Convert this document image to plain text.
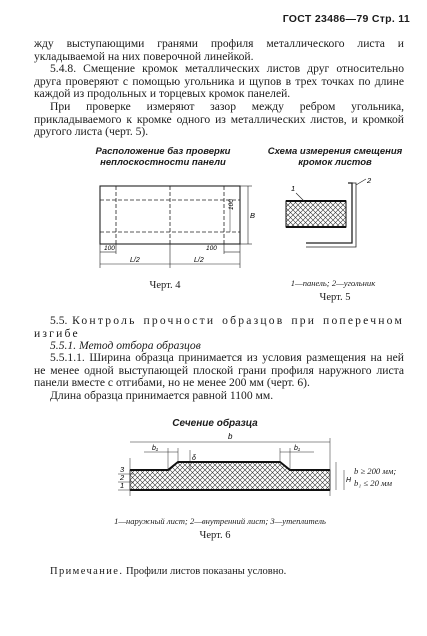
ГОСТ 23486—79 Стр. 11
жду выступающими гранями профиля металлического листа и укладываемой на них поверочной линейкой.
5.4.8. Смещение кромок металлических листов друг относительно друга проверяют с помощью угольника и щупов в трех точках по длине каждой из продольных и торцевых кромок панелей.
При проверке измеряют зазор между ребром угольника, прикладываемого к кромке одного из металлических листов, и кромкой другого листа (черт. 5).
Расположение баз проверки неплоскостности панели
100	100
100
L/2	L/2
B
Черт. 4
Схема измерения смещения кромок листов
1
2
1—панель; 2—угольник
Черт. 5
5.5. Контроль прочности образцов при поперечном изгибе
5.5.1. Метод отбора образцов
5.5.1.1. Ширина образца принимается из условия размещения на ней не менее одной выступающей плоской грани профиля наружного листа панели вместе с отгибами, но не менее 200 мм (черт. 6).
Длина образца принимается равной 1100 мм.
Сечение образца
b
b₁	b₁
δ
H
3
2
1
b ≥ 200 мм;
b₁ ≤ 20 мм
1—наружный лист; 2—внутренний лист; 3—утеплитель
Черт. 6
Примечание. Профили листов показаны условно.
